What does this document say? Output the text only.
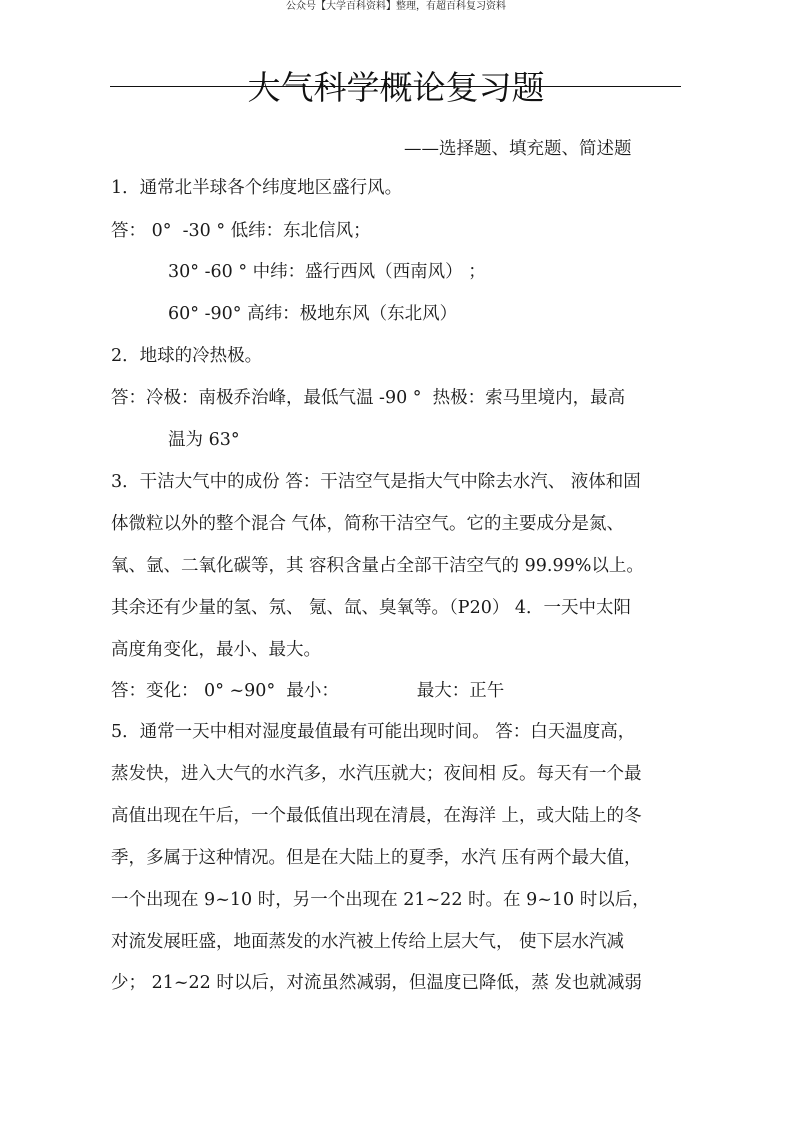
公众号【大学百科资料】整理，有超百科复习资料
大气科学概论复习题
——选择题、填充题、简述题
1．通常北半球各个纬度地区盛行风。
答： 0°  -30 ° 低纬：东北信风；
30° -60 ° 中纬：盛行西风（西南风） ；
60° -90° 高纬：极地东风（东北风）
2．地球的冷热极。
答：冷极：南极乔治峰，最低气温 -90 °  热极：索马里境内，最高
温为 63°
3．干洁大气中的成份 答：干洁空气是指大气中除去水汽、 液体和固
体微粒以外的整个混合 气体，简称干洁空气。它的主要成分是氮、
氧、氩、二氧化碳等，其 容积含量占全部干洁空气的 99.99%以上。
其余还有少量的氢、氖、 氪、氙、臭氧等。（P20） 4．一天中太阳
高度角变化，最小、最大。
答：变化： 0° ~90°  最小：              最大：正午
5．通常一天中相对湿度最值最有可能出现时间。 答：白天温度高，
蒸发快，进入大气的水汽多，水汽压就大；夜间相 反。每天有一个最
高值出现在午后，一个最低值出现在清晨，在海洋 上，或大陆上的冬
季，多属于这种情况。但是在大陆上的夏季，水汽 压有两个最大值，
一个出现在 9~10 时，另一个出现在 21~22 时。在 9~10 时以后，
对流发展旺盛，地面蒸发的水汽被上传给上层大气， 使下层水汽减
少； 21~22 时以后，对流虽然减弱，但温度已降低，蒸 发也就减弱
